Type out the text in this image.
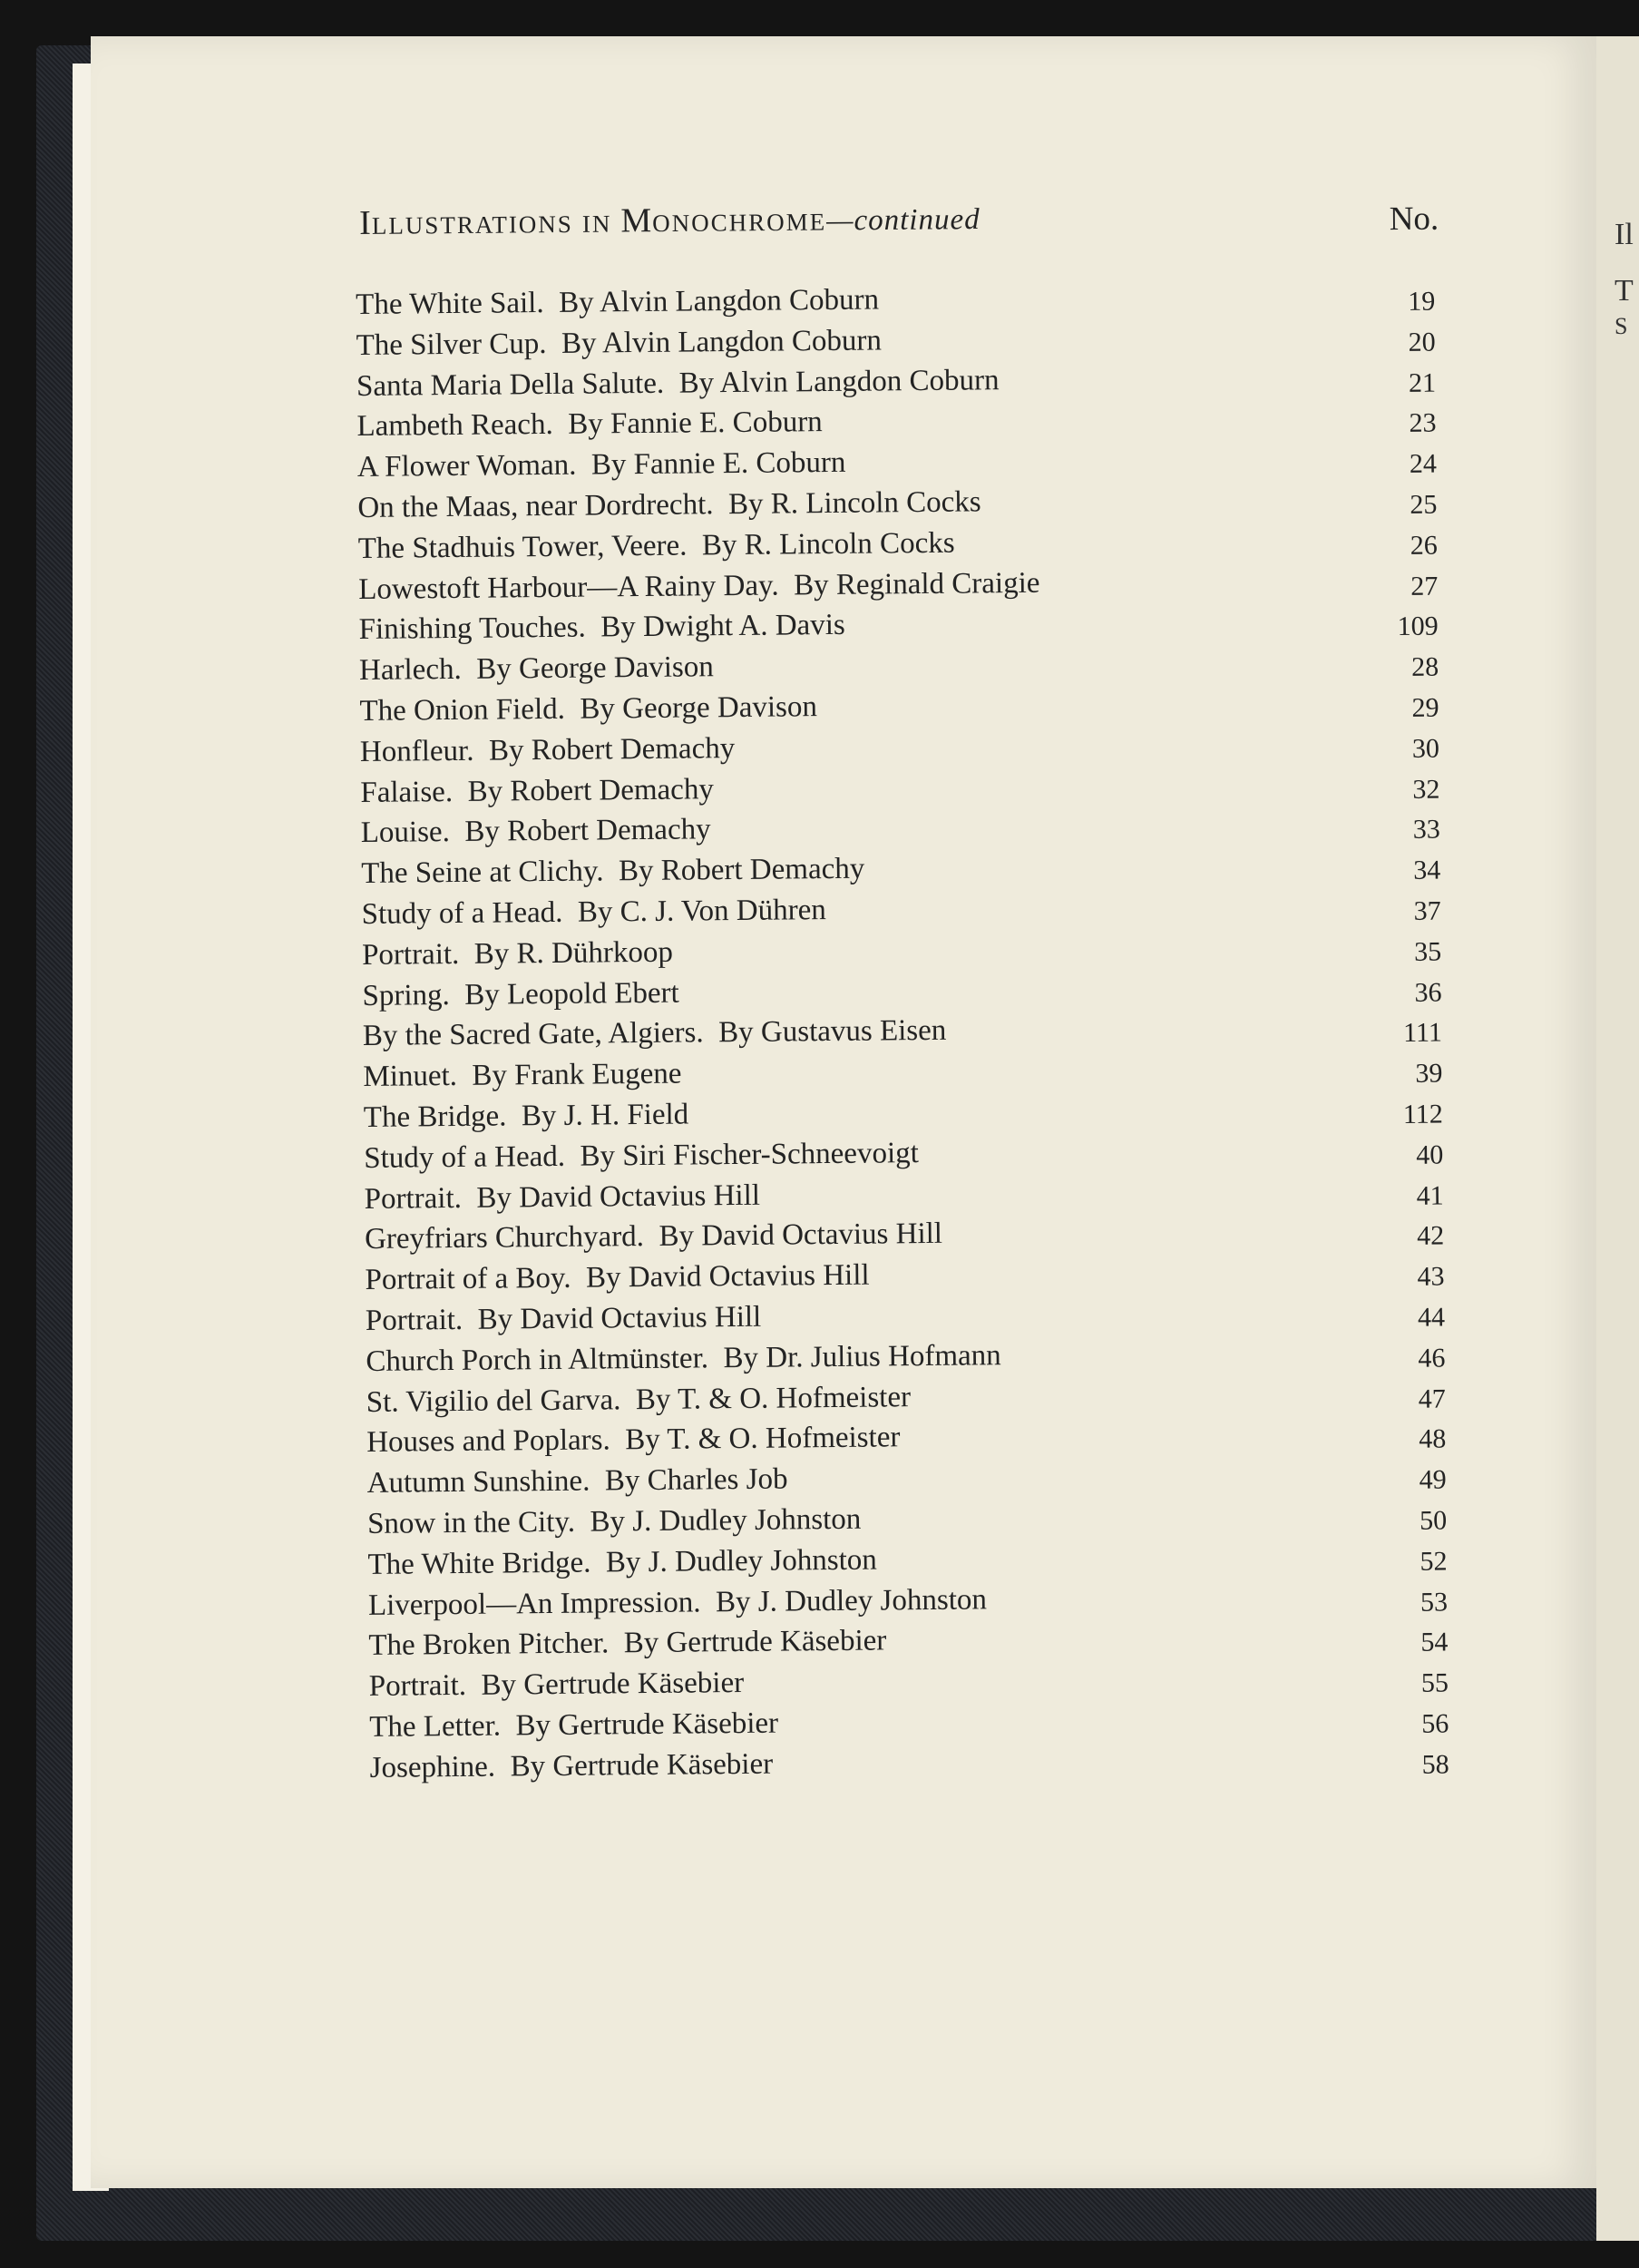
Il
T
S
ILLUSTRATIONS IN MONOCHROME—continued	No.
The White Sail. By Alvin Langdon Coburn	19
The Silver Cup. By Alvin Langdon Coburn	20
Santa Maria Della Salute. By Alvin Langdon Coburn	21
Lambeth Reach. By Fannie E. Coburn	23
A Flower Woman. By Fannie E. Coburn	24
On the Maas, near Dordrecht. By R. Lincoln Cocks	25
The Stadhuis Tower, Veere. By R. Lincoln Cocks	26
Lowestoft Harbour—A Rainy Day. By Reginald Craigie	27
Finishing Touches. By Dwight A. Davis	109
Harlech. By George Davison	28
The Onion Field. By George Davison	29
Honfleur. By Robert Demachy	30
Falaise. By Robert Demachy	32
Louise. By Robert Demachy	33
The Seine at Clichy. By Robert Demachy	34
Study of a Head. By C. J. Von Dühren	37
Portrait. By R. Dührkoop	35
Spring. By Leopold Ebert	36
By the Sacred Gate, Algiers. By Gustavus Eisen	111
Minuet. By Frank Eugene	39
The Bridge. By J. H. Field	112
Study of a Head. By Siri Fischer-Schneevoigt	40
Portrait. By David Octavius Hill	41
Greyfriars Churchyard. By David Octavius Hill	42
Portrait of a Boy. By David Octavius Hill	43
Portrait. By David Octavius Hill	44
Church Porch in Altmünster. By Dr. Julius Hofmann	46
St. Vigilio del Garva. By T. & O. Hofmeister	47
Houses and Poplars. By T. & O. Hofmeister	48
Autumn Sunshine. By Charles Job	49
Snow in the City. By J. Dudley Johnston	50
The White Bridge. By J. Dudley Johnston	52
Liverpool—An Impression. By J. Dudley Johnston	53
The Broken Pitcher. By Gertrude Käsebier	54
Portrait. By Gertrude Käsebier	55
The Letter. By Gertrude Käsebier	56
Josephine. By Gertrude Käsebier	58
